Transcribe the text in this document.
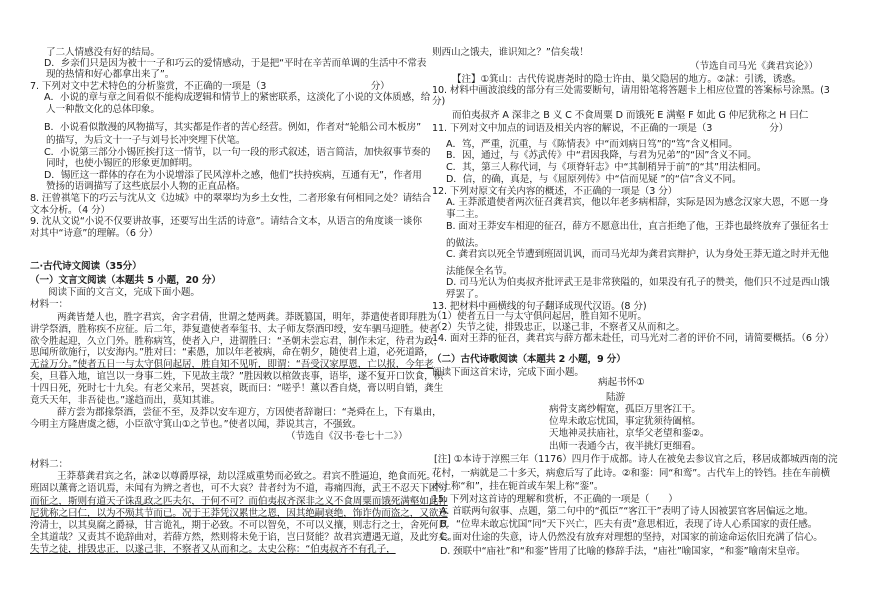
了二人情感没有好的结局。
D．乡亲们只是因为被十一子和巧云的爱情感动，于是把“平时在辛苦而单调的生活中不常表
现的热情和好心都拿出来了”。
7. 下列对文中艺术特色的分析鉴赏，不正确的一项是（3　　　　　　　　　　　分）
A．小说的章与章之间看似不能构成逻辑和情节上的紧密联系，这淡化了小说的文体质感，给
人一种散文化的总体印象。
B．小说看似散漫的风物描写，其实都是作者的苦心经营。例如，作者对“轮船公司木板房”
的描写，为后文十一子与刘号长冲突埋下伏笔。
C．小说第三部分小锡匠挨打这一情节，以一句一段的形式叙述，语言简洁，加快叙事节奏的
同时，也使小锡匠的形象更加鲜明。
D．锡匠这一群体的存在为小说增添了民风淳朴之感，他们“扶持疾病，互通有无”，作者用
赞扬的语调描写了这些底层小人物的正直品格。
8. 汪曾祺笔下的巧云与沈从文《边城》中的翠翠均为乡土女性，二者形象有何相同之处？请结合
文本分析。（4 分）
9. 沈从文说“小说不仅要讲故事，还要写出生活的诗意”。请结合文本，从语言的角度谈一谈你
对其中“诗意”的理解。（6 分）
二·古代诗文阅读（35分）
（一）文言文阅读（本题共 5 小题，20 分）
阅读下面的文言文，完成下面小题。
材料一：
两龚皆楚人也，胜字君宾，舍字君倩，世谓之楚两龚。莽既篡国，明年，莽遣使者即拜胜为
讲学祭酒，胜称疾不应征。后二年，莽复遣使者奉玺书、太子师友祭酒印绶，安车驷马迎胜。使者
欲令胜起迎，久立门外。胜称病笃，使者入户，进谓胜曰：“圣朝未尝忘君，制作未定，待君为政，
思闻所欲施行，以安海内。”胜对曰：“素愚，加以年老被病，命在朝夕，随使君上道，必死道路，
无益万分。”使者五日一与太守俱问起居，胜自知不见听，即谓：“吾受汉家厚恩，亡以报，今年老
矣，旦暮入地，谊岂以一身事二姓，下见故主哉？”胜因敕以棺敛丧事，语毕，遂不复开口饮食，积
十四日死，死时七十九矣。有老父来吊，哭甚哀，既而曰：“嗟乎！薰以香自烧，膏以明自销，龚生
竟夭天年，非吾徒也。”遂趋而出，莫知其谁。
薛方尝为郡掾祭酒，尝征不至，及莽以安车迎方，方因使者辞谢曰：“尧舜在上，下有巢由，
今明主方隆唐虞之德，小臣欲守箕山①之节也。”使者以闻，莽说其言，不强致。
（节选自《汉书·卷七十二》）
材料二：
王莽慕龚君宾之名，訹②以尊爵厚禄，劫以淫威重势而必致之。君宾不胜逼迫，绝食而死。
班固以薰膏之语讥焉，未闻有为辨之者也，可不大哀？昔者纣为不道，毒痛四海，武王不忍天下困穷
而征之，斯则有道天子诛乱政之匹夫尔，于何不可？而伯夷叔齐深非之义不食周粟而饿死满壑如此仲
尼犹称之曰仁，以为不殒其节而已。况于王莽凭汉累世之恩，因其绝嗣衰绝，饰诈伪而盗之，又欲还
洿清士，以其臭腐之爵禄，甘言诡礼，期于必致。不可以智免，不可以义攘，则志行之士，舍死何以
全其道哉？又责其不诡辞曲对，若薛方然，然则将未免于谄，岂曰贤能？故君宾遭遇无道，及此穷矣。
失节之徒，排毁忠正，以遂己非，不察者又从而和之。太史公称：“伯夷叔齐不有孔子，
则西山之饿夫，谁识知之？”信矣哉！
（节选自司马光《龚君宾论》）
【注】①箕山：古代传说唐尧时的隐士许由、巢父隐居的地方。②訹：引诱，诱惑。
10. 材料中画波浪线的部分有三处需要断句，请用铅笔将答题卡上相应位置的答案标号涂黑。(3
分)
而伯夷叔齐 A 深非之 B 义 C 不食周粟 D 而饿死 E 满壑 F 如此 G 仲尼犹称之 H 曰仁
11. 下列对文中加点的词语及相关内容的解说，不正确的一项是（3　　　　　　分）
A．笃，严重，沉重，与《陈情表》中“而刘病日笃”的“笃”含义相同。
B．因，通过，与《苏武传》中“君因我降，与君为兄弟”的“因”含义不同。
C．其，第三人称代词，与《项脊轩志》中“其制稍异于前”的“其”用法相同。
D．信，的确，真是，与《屈原列传》中“信而见疑 ”的“信”含义不同。
12. 下列对原文有关内容的概述，不正确的一项是（3 分）
A. 王莽派遣使者两次征召龚君宾，他以年老多病相辞，实际是因为感念汉家大恩，不愿一身
事二主。
B. 面对王莽安车相迎的征召，薛方不愿意出仕，直言拒绝了他，王莽也最终放弃了强征名士
的做法。
C. 龚君宾以死全节遭到班固讥讽，而司马光却为龚君宾辩护，认为身处王莽无道之时并无他
法能保全名节。
D. 司马光认为伯夷叔齐批评武王是非常狭隘的，如果没有孔子的赞美，他们只不过是西山饿
殍罢了。
13. 把材料中画横线的句子翻译成现代汉语。(8 分)
（1）使者五日一与太守俱问起居，胜自知不见听。
（2）失节之徒，排毁忠正，以遂己非，不察者又从而和之。
14. 面对王莽的征召，龚君宾与薛方都未赴任，司马光对二者的评价不同，请简要概括。（6 分）
（二）古代诗歌阅读（本题共 2 小题，9 分）
阅读下面这首宋诗，完成下面小题。
病起书怀①
陆游
病骨支离纱帽宽，孤臣万里客江干。
位卑未敢忘忧国，事定犹须待阖棺。
天地神灵扶庙社，京华父老望和銮②。
出师一表通今古，夜半挑灯更细看。
[注] ①本诗于淳熙三年（1176）四月作于成都。诗人在被免去参议官之后，移居成都城西南的浣
花村，一病就是二十多天，病愈后写了此诗。②和銮：同“和鸾”。古代车上的铃铛。挂在车前横
木上称“和”，挂在轭首或车架上称“銮”。
15. 下列对这首诗的理解和赏析，不正确的一项是（　　）
A. 首联两句叙事、点题，第二句中的“孤臣”“客江干”表明了诗人因被罢官客居偏远之地。
B．“位卑未敢忘忧国”同“天下兴亡，匹夫有责”意思相近，表现了诗人心系国家的责任感。
C. 面对仕途的失意，诗人仍然没有放弃对理想的坚持，对国家的前途命运依旧充满了信心。
D. 颈联中“庙社”和“和銮”皆用了比喻的修辞手法，“庙社”喻国家，“和銮”喻南宋皇帝。
